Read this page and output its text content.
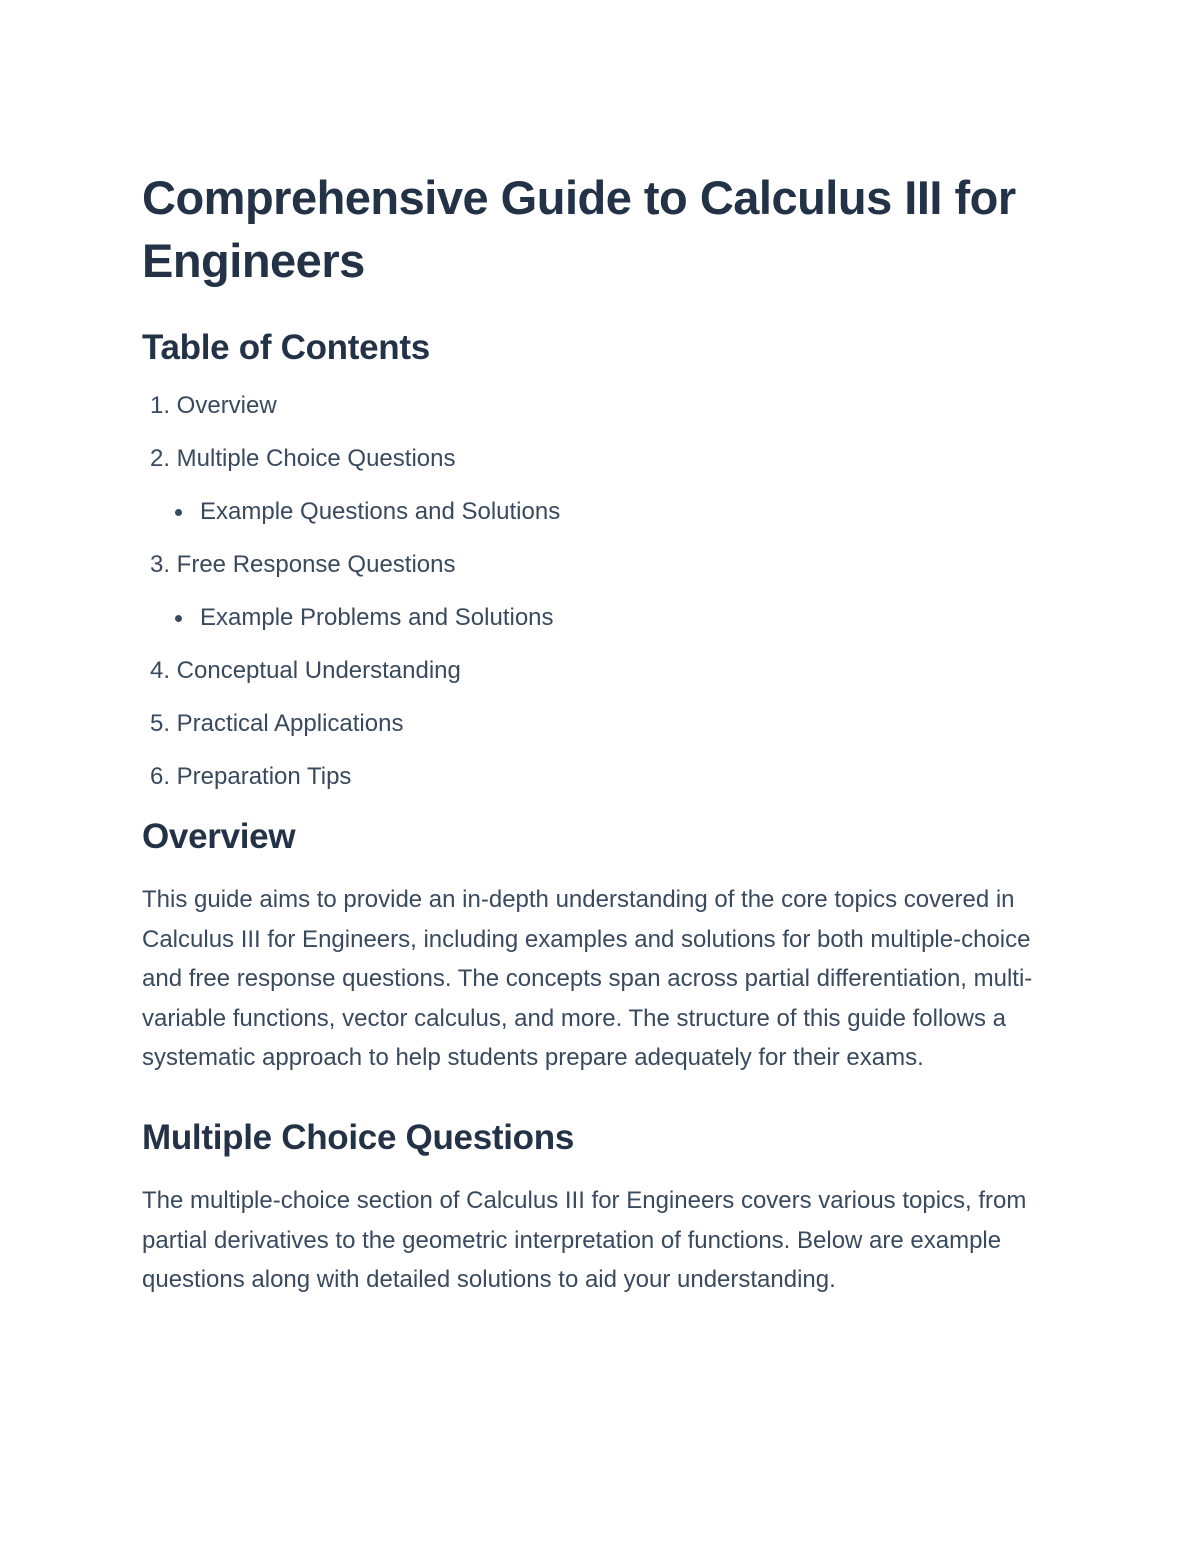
Comprehensive Guide to Calculus III for Engineers
Table of Contents
1. Overview
2. Multiple Choice Questions
Example Questions and Solutions
3. Free Response Questions
Example Problems and Solutions
4. Conceptual Understanding
5. Practical Applications
6. Preparation Tips
Overview

This guide aims to provide an in-depth understanding of the core topics covered in Calculus III for Engineers, including examples and solutions for both multiple-choice and free response questions. The concepts span across partial differentiation, multi-variable functions, vector calculus, and more. The structure of this guide follows a systematic approach to help students prepare adequately for their exams.

Multiple Choice Questions

The multiple-choice section of Calculus III for Engineers covers various topics, from partial derivatives to the geometric interpretation of functions. Below are example questions along with detailed solutions to aid your understanding.
